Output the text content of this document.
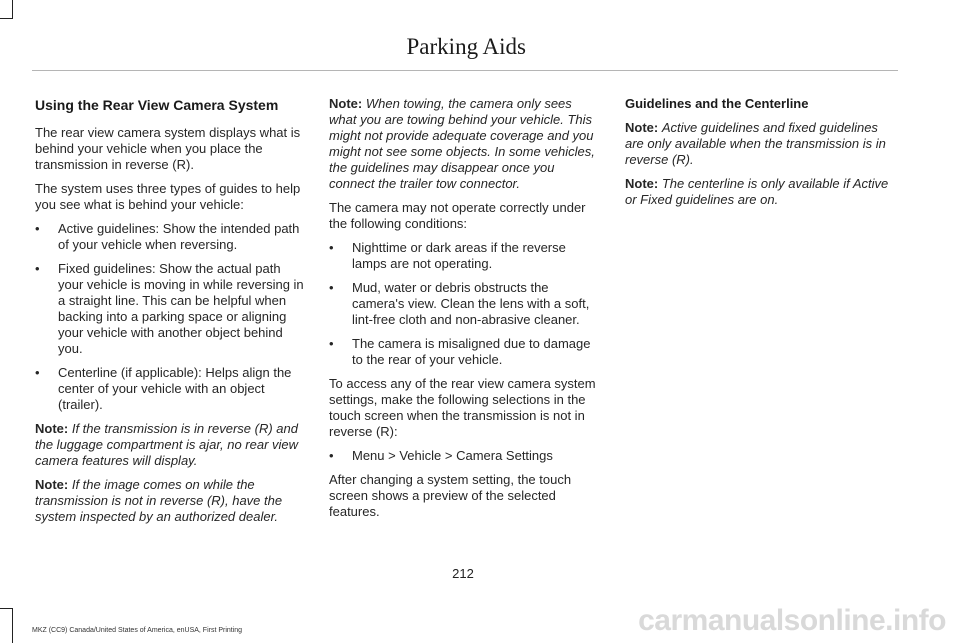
Parking Aids
Using the Rear View Camera System

The rear view camera system displays what is behind your vehicle when you place the transmission in reverse (R).

The system uses three types of guides to help you see what is behind your vehicle:

• Active guidelines: Show the intended path of your vehicle when reversing.
• Fixed guidelines: Show the actual path your vehicle is moving in while reversing in a straight line. This can be helpful when backing into a parking space or aligning your vehicle with another object behind you.
• Centerline (if applicable): Helps align the center of your vehicle with an object (trailer).

Note: If the transmission is in reverse (R) and the luggage compartment is ajar, no rear view camera features will display.

Note: If the image comes on while the transmission is not in reverse (R), have the system inspected by an authorized dealer.

Note: When towing, the camera only sees what you are towing behind your vehicle. This might not provide adequate coverage and you might not see some objects. In some vehicles, the guidelines may disappear once you connect the trailer tow connector.

The camera may not operate correctly under the following conditions:

• Nighttime or dark areas if the reverse lamps are not operating.
• Mud, water or debris obstructs the camera's view. Clean the lens with a soft, lint-free cloth and non-abrasive cleaner.
• The camera is misaligned due to damage to the rear of your vehicle.

To access any of the rear view camera system settings, make the following selections in the touch screen when the transmission is not in reverse (R):

• Menu > Vehicle > Camera Settings

After changing a system setting, the touch screen shows a preview of the selected features.

Guidelines and the Centerline

Note: Active guidelines and fixed guidelines are only available when the transmission is in reverse (R).

Note: The centerline is only available if Active or Fixed guidelines are on.

212
MKZ (CC9) Canada/United States of America, enUSA, First Printing	carmanualsonline.info
